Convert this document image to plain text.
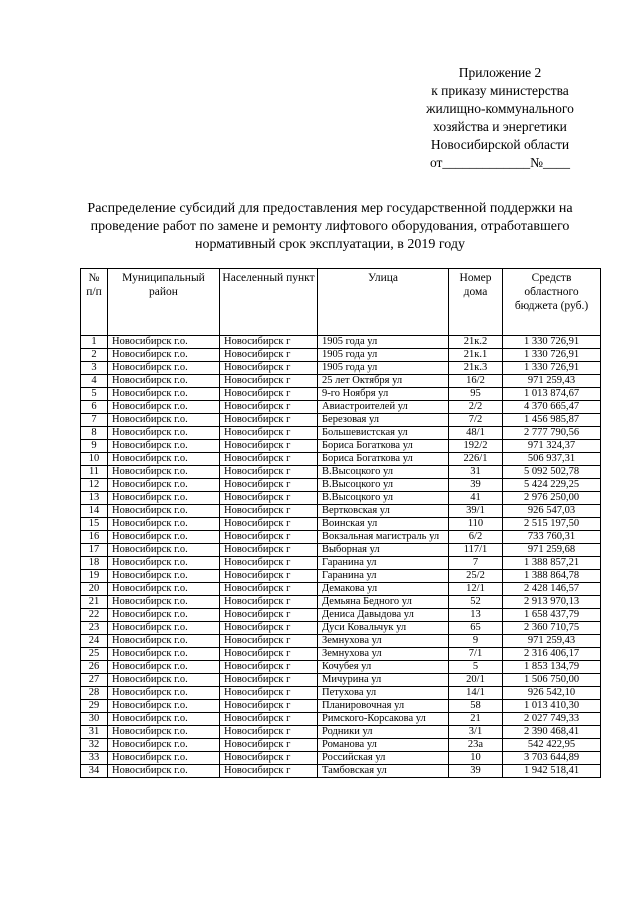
Приложение 2
к приказу министерства
жилищно-коммунального
хозяйства и энергетики
Новосибирской области
от_____________№____
Распределение субсидий для предоставления мер государственной поддержки на проведение работ по замене и ремонту лифтового оборудования, отработавшего нормативный срок эксплуатации, в 2019 году
№ п/п	Муниципальный район	Населенный пункт	Улица	Номер дома	Средств областного бюджета (руб.)
1	Новосибирск г.о.	Новосибирск г	1905 года ул	21к.2	1 330 726,91
2	Новосибирск г.о.	Новосибирск г	1905 года ул	21к.1	1 330 726,91
3	Новосибирск г.о.	Новосибирск г	1905 года ул	21к.3	1 330 726,91
4	Новосибирск г.о.	Новосибирск г	25 лет Октября ул	16/2	971 259,43
5	Новосибирск г.о.	Новосибирск г	9-го Ноября ул	95	1 013 874,67
6	Новосибирск г.о.	Новосибирск г	Авиастроителей ул	2/2	4 370 665,47
7	Новосибирск г.о.	Новосибирск г	Березовая ул	7/2	1 456 985,87
8	Новосибирск г.о.	Новосибирск г	Большевистская ул	48/1	2 777 790,56
9	Новосибирск г.о.	Новосибирск г	Бориса Богаткова ул	192/2	971 324,37
10	Новосибирск г.о.	Новосибирск г	Бориса Богаткова ул	226/1	506 937,31
11	Новосибирск г.о.	Новосибирск г	В.Высоцкого ул	31	5 092 502,78
12	Новосибирск г.о.	Новосибирск г	В.Высоцкого ул	39	5 424 229,25
13	Новосибирск г.о.	Новосибирск г	В.Высоцкого ул	41	2 976 250,00
14	Новосибирск г.о.	Новосибирск г	Вертковская ул	39/1	926 547,03
15	Новосибирск г.о.	Новосибирск г	Воинская ул	110	2 515 197,50
16	Новосибирск г.о.	Новосибирск г	Вокзальная магистраль ул	6/2	733 760,31
17	Новосибирск г.о.	Новосибирск г	Выборная ул	117/1	971 259,68
18	Новосибирск г.о.	Новосибирск г	Гаранина ул	7	1 388 857,21
19	Новосибирск г.о.	Новосибирск г	Гаранина ул	25/2	1 388 864,78
20	Новосибирск г.о.	Новосибирск г	Демакова ул	12/1	2 428 146,57
21	Новосибирск г.о.	Новосибирск г	Демьяна Бедного ул	52	2 913 970,13
22	Новосибирск г.о.	Новосибирск г	Дениса Давыдова ул	13	1 658 437,79
23	Новосибирск г.о.	Новосибирск г	Дуси Ковальчук ул	65	2 360 710,75
24	Новосибирск г.о.	Новосибирск г	Земнухова ул	9	971 259,43
25	Новосибирск г.о.	Новосибирск г	Земнухова ул	7/1	2 316 406,17
26	Новосибирск г.о.	Новосибирск г	Кочубея ул	5	1 853 134,79
27	Новосибирск г.о.	Новосибирск г	Мичурина ул	20/1	1 506 750,00
28	Новосибирск г.о.	Новосибирск г	Петухова ул	14/1	926 542,10
29	Новосибирск г.о.	Новосибирск г	Планировочная ул	58	1 013 410,30
30	Новосибирск г.о.	Новосибирск г	Римского-Корсакова ул	21	2 027 749,33
31	Новосибирск г.о.	Новосибирск г	Родники ул	3/1	2 390 468,41
32	Новосибирск г.о.	Новосибирск г	Романова ул	23а	542 422,95
33	Новосибирск г.о.	Новосибирск г	Российская ул	10	3 703 644,89
34	Новосибирск г.о.	Новосибирск г	Тамбовская ул	39	1 942 518,41
